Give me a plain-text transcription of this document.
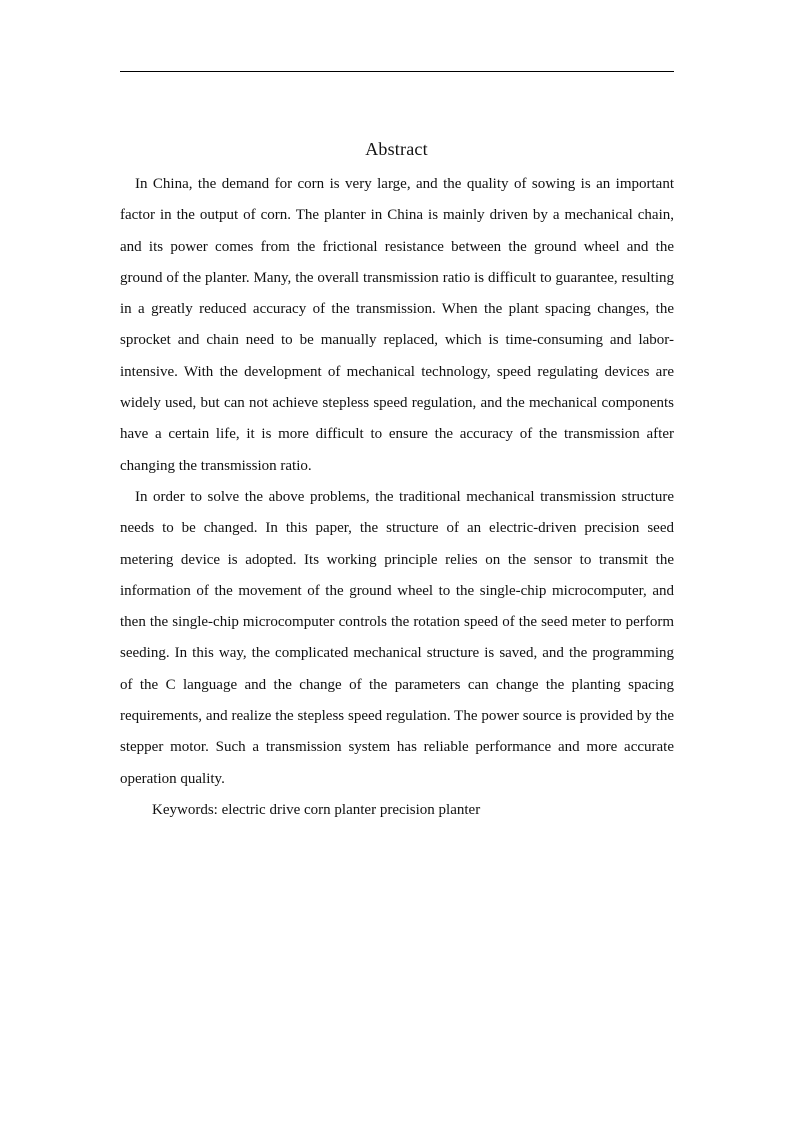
Abstract

In China, the demand for corn is very large, and the quality of sowing is an important factor in the output of corn. The planter in China is mainly driven by a mechanical chain, and its power comes from the frictional resistance between the ground wheel and the ground of the planter. Many, the overall transmission ratio is difficult to guarantee, resulting in a greatly reduced accuracy of the transmission. When the plant spacing changes, the sprocket and chain need to be manually replaced, which is time-consuming and labor-intensive. With the development of mechanical technology, speed regulating devices are widely used, but can not achieve stepless speed regulation, and the mechanical components have a certain life, it is more difficult to ensure the accuracy of the transmission after changing the transmission ratio.

In order to solve the above problems, the traditional mechanical transmission structure needs to be changed. In this paper, the structure of an electric-driven precision seed metering device is adopted. Its working principle relies on the sensor to transmit the information of the movement of the ground wheel to the single-chip microcomputer, and then the single-chip microcomputer controls the rotation speed of the seed meter to perform seeding. In this way, the complicated mechanical structure is saved, and the programming of the C language and the change of the parameters can change the planting spacing requirements, and realize the stepless speed regulation. The power source is provided by the stepper motor. Such a transmission system has reliable performance and more accurate operation quality.

Keywords: electric drive corn planter precision planter
